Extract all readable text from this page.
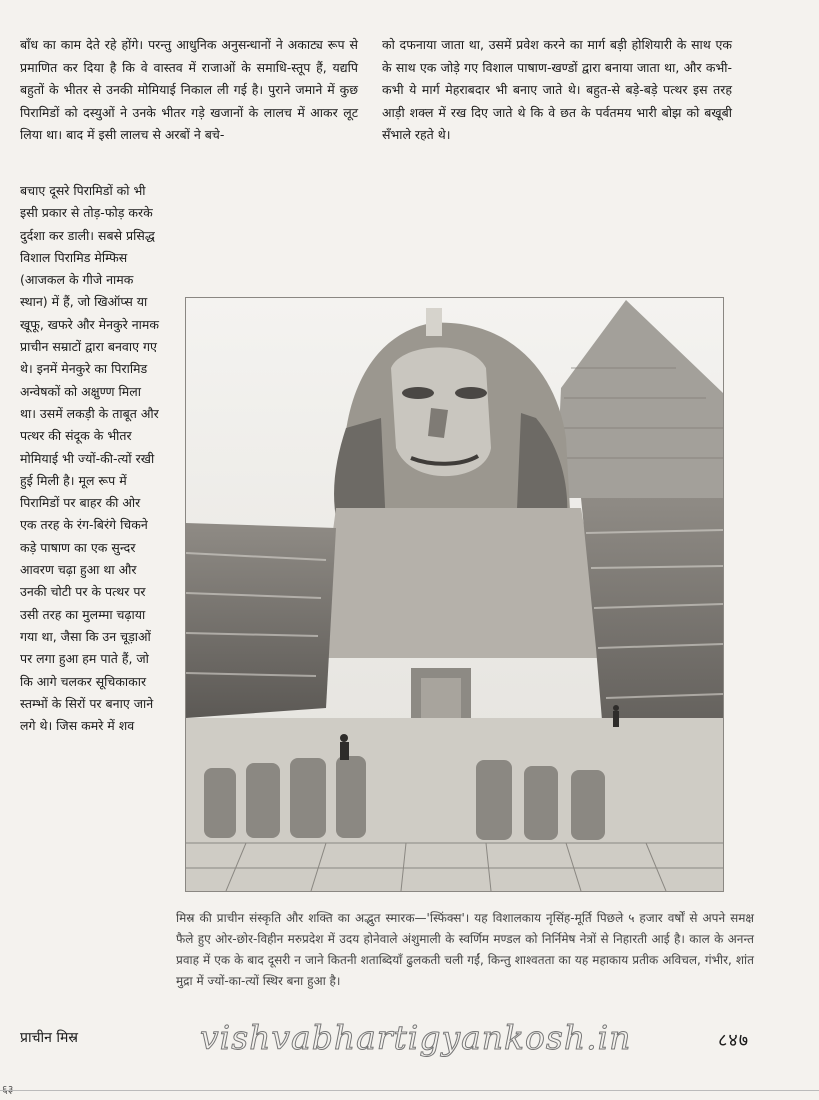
बाँध का काम देते रहे होंगे। परन्तु आधुनिक अनुसन्धानों ने अकाट्य रूप से प्रमाणित कर दिया है कि वे वास्तव में राजाओं के समाधि-स्तूप हैं, यद्यपि बहुतों के भीतर से उनकी मोमियाई निकाल ली गई है। पुराने जमाने में कुछ पिरामिडों को दस्युओं ने उनके भीतर गड़े खजानों के लालच में आकर लूट लिया था। बाद में इसी लालच से अरबों ने बचे-
को दफनाया जाता था, उसमें प्रवेश करने का मार्ग बड़ी होशियारी के साथ एक के साथ एक जोड़े गए विशाल पाषाण-खण्डों द्वारा बनाया जाता था, और कभी-कभी ये मार्ग मेहराबदार भी बनाए जाते थे। बहुत-से बड़े-बड़े पत्थर इस तरह आड़ी शक्ल में रख दिए जाते थे कि वे छत के पर्वतमय भारी बोझ को बखूबी सँभाले रहते थे।
बचाए दूसरे पिरामिडों को भी इसी प्रकार से तोड़-फोड़ करके दुर्दशा कर डाली। सबसे प्रसिद्ध विशाल पिरामिड मेम्फिस (आजकल के गीजे नामक स्थान) में हैं, जो खिऑप्स या खूफू, खफरे और मेनकुरे नामक प्राचीन सम्राटों द्वारा बनवाए गए थे। इनमें मेनकुरे का पिरामिड अन्वेषकों को अक्षुण्ण मिला था। उसमें लकड़ी के ताबूत और पत्थर की संदूक के भीतर मोमियाई भी ज्यों-की-त्यों रखी हुई मिली है। मूल रूप में पिरामिडों पर बाहर की ओर एक तरह के रंग-बिरंगे चिकने कड़े पाषाण का एक सुन्दर आवरण चढ़ा हुआ था और उनकी चोटी पर के पत्थर पर उसी तरह का मुलम्मा चढ़ाया गया था, जैसा कि उन चूड़ाओं पर लगा हुआ हम पाते हैं, जो कि आगे चलकर सूचिकाकार स्तम्भों के सिरों पर बनाए जाने लगे थे। जिस कमरे में शव
मिस्र की प्राचीन संस्कृति और शक्ति का अद्भुत स्मारक—'स्फिंक्स'। यह विशालकाय नृसिंह-मूर्ति पिछले ५ हजार वर्षों से अपने समक्ष फैले हुए ओर-छोर-विहीन मरुप्रदेश में उदय होनेवाले अंशुमाली के स्वर्णिम मण्डल को निर्निमेष नेत्रों से निहारती आई है। काल के अनन्त प्रवाह में एक के बाद दूसरी न जाने कितनी शताब्दियाँ ढुलकती चली गईं, किन्तु शाश्वतता का यह महाकाय प्रतीक अविचल, गंभीर, शांत मुद्रा में ज्यों-का-त्यों स्थिर बना हुआ है।
प्राचीन मिस्र	vishvabhartigyankosh.in	८४७
